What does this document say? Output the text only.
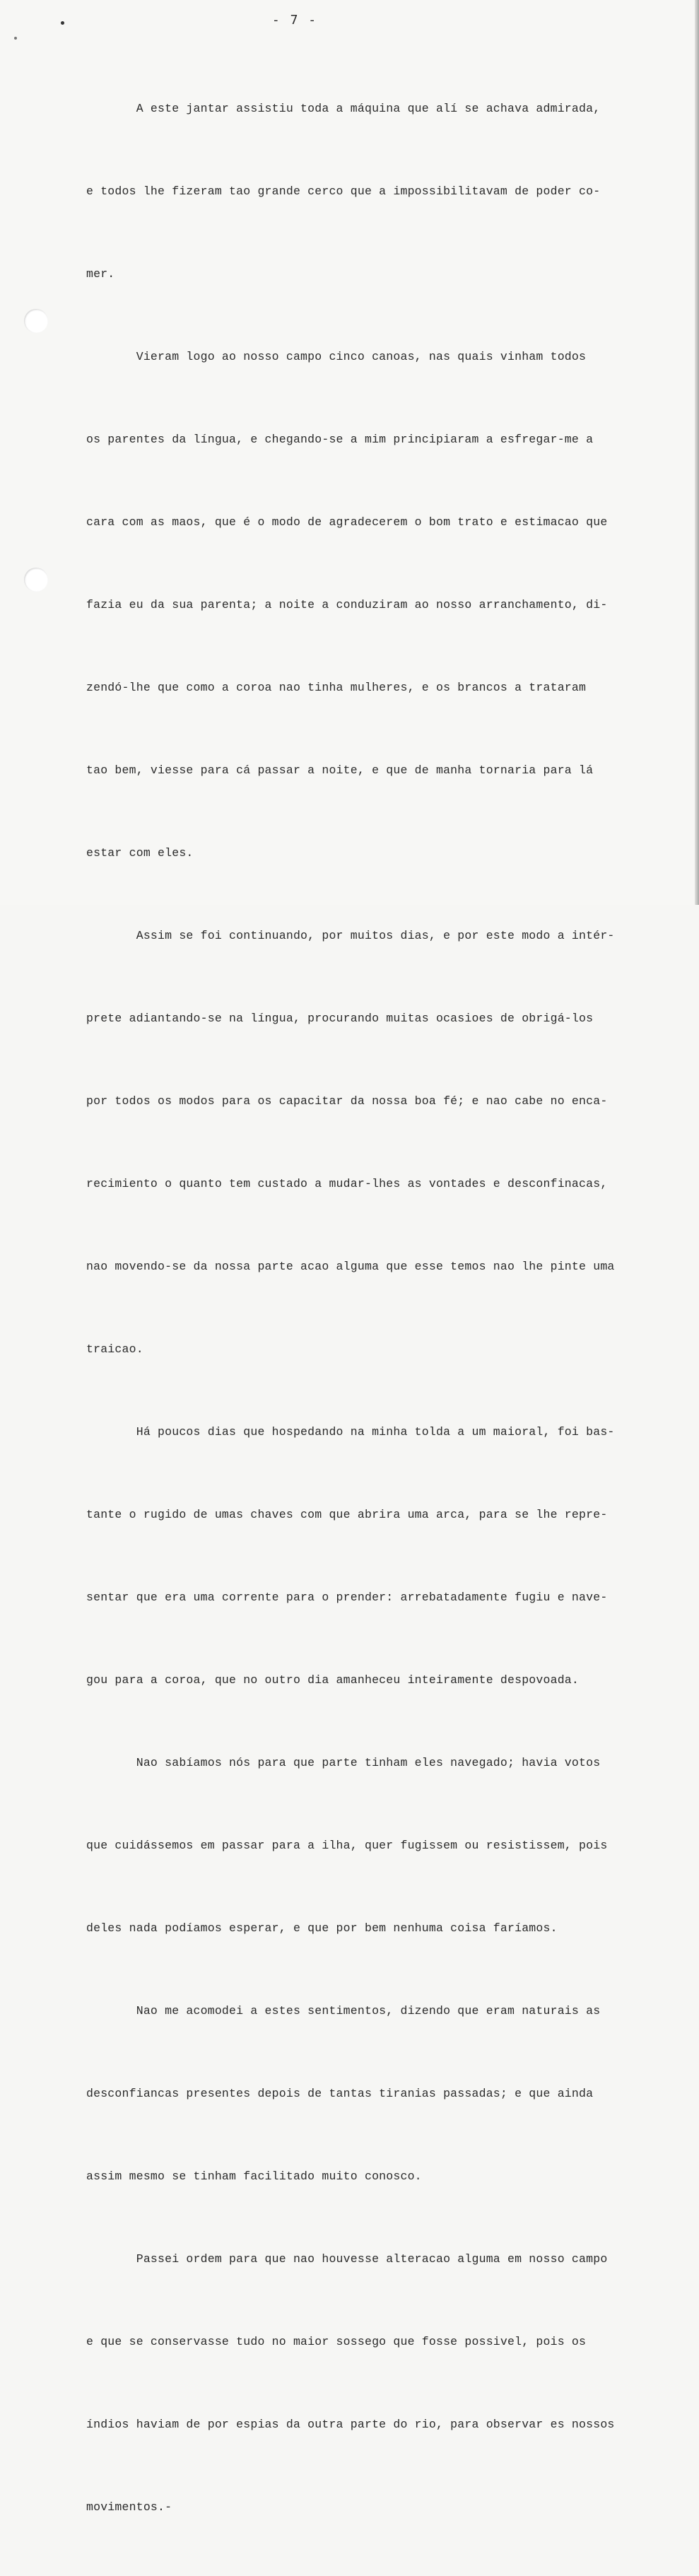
- 7 -

A este jantar assistiu toda a máquina que alí se achava admirada,

e todos lhe fizeram tao grande cerco que a impossibilitavam de poder co-

mer.

Vieram logo ao nosso campo cinco canoas, nas quais vinham todos

os parentes da língua, e chegando-se a mim principiaram a esfregar-me a

cara com as maos, que é o modo de agradecerem o bom trato e estimacao que

fazia eu da sua parenta; a noite a conduziram ao nosso arranchamento, di-

zendó-lhe que como a coroa nao tinha mulheres, e os brancos a trataram

tao bem, viesse para cá passar a noite, e que de manha tornaria para lá

estar com eles.

Assim se foi continuando, por muitos dias, e por este modo a intér-

prete adiantando-se na língua, procurando muitas ocasioes de obrigá-los

por todos os modos para os capacitar da nossa boa fé; e nao cabe no enca-

recimiento o quanto tem custado a mudar-lhes as vontades e desconfinacas,

nao movendo-se da nossa parte acao alguma que esse temos nao lhe pinte uma

traicao.

Há poucos dias que hospedando na minha tolda a um maioral, foi bas-

tante o rugido de umas chaves com que abrira uma arca, para se lhe repre-

sentar que era uma corrente para o prender: arrebatadamente fugiu e nave-

gou para a coroa, que no outro dia amanheceu inteiramente despovoada.

Nao sabíamos nós para que parte tinham eles navegado; havia votos

que cuidássemos em passar para a ilha, quer fugissem ou resistissem, pois

deles nada podíamos esperar, e que por bem nenhuma coisa faríamos.

Nao me acomodei a estes sentimentos, dizendo que eram naturais as

desconfiancas presentes depois de tantas tiranias passadas; e que ainda

assim mesmo se tinham facilitado muito conosco.

Passei ordem para que nao houvesse alteracao alguma em nosso campo

e que se conservasse tudo no maior sossego que fosse possivel, pois os

índios haviam de por espias da outra parte do rio, para observar es nossos

movimentos.-
